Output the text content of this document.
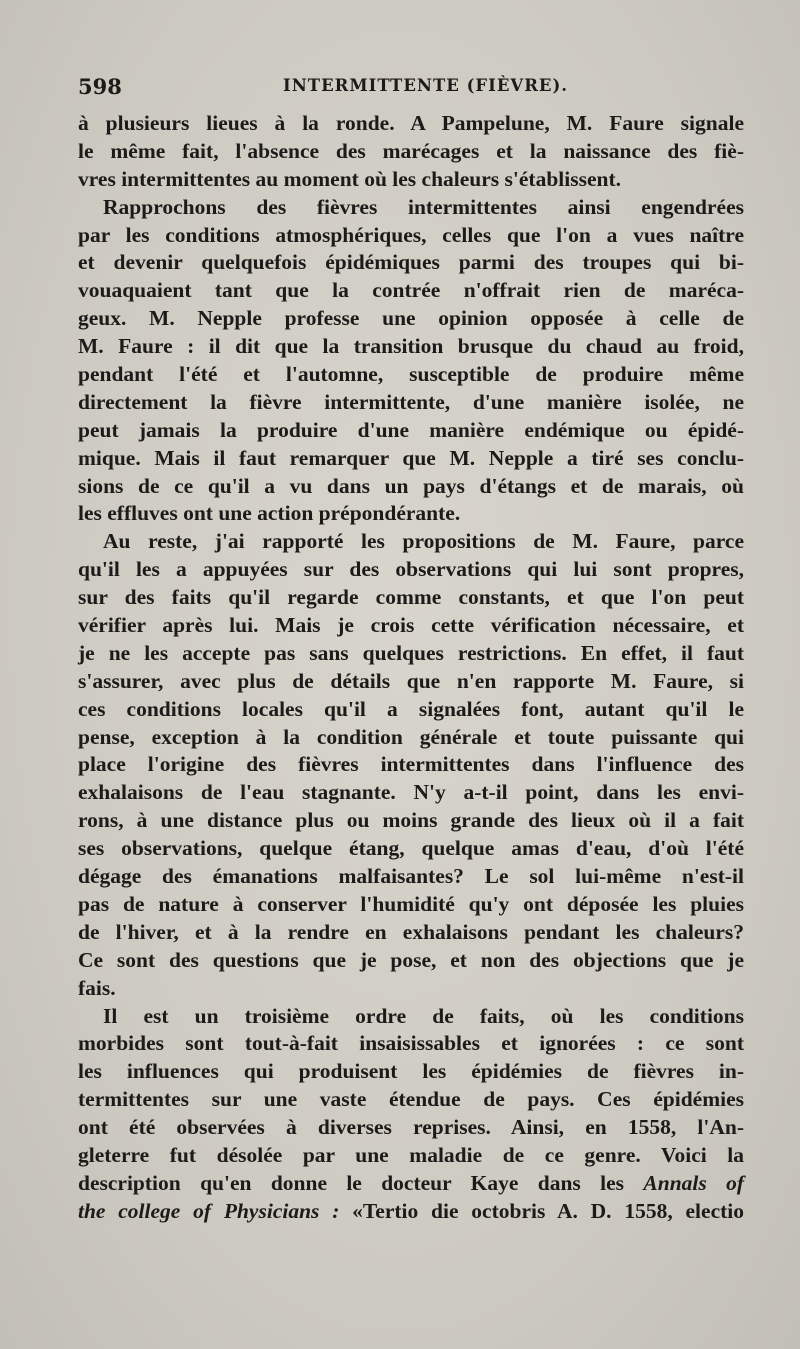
598	INTERMITTENTE (FIÈVRE).
à plusieurs lieues à la ronde. A Pampelune, M. Faure signale
le même fait, l'absence des marécages et la naissance des fiè-
vres intermittentes au moment où les chaleurs s'établissent.
Rapprochons des fièvres intermittentes ainsi engendrées
par les conditions atmosphériques, celles que l'on a vues naître
et devenir quelquefois épidémiques parmi des troupes qui bi-
vouaquaient tant que la contrée n'offrait rien de maréca-
geux. M. Nepple professe une opinion opposée à celle de
M. Faure : il dit que la transition brusque du chaud au froid,
pendant l'été et l'automne, susceptible de produire même
directement la fièvre intermittente, d'une manière isolée, ne
peut jamais la produire d'une manière endémique ou épidé-
mique. Mais il faut remarquer que M. Nepple a tiré ses conclu-
sions de ce qu'il a vu dans un pays d'étangs et de marais, où
les effluves ont une action prépondérante.
Au reste, j'ai rapporté les propositions de M. Faure, parce
qu'il les a appuyées sur des observations qui lui sont propres,
sur des faits qu'il regarde comme constants, et que l'on peut
vérifier après lui. Mais je crois cette vérification nécessaire, et
je ne les accepte pas sans quelques restrictions. En effet, il faut
s'assurer, avec plus de détails que n'en rapporte M. Faure, si
ces conditions locales qu'il a signalées font, autant qu'il le
pense, exception à la condition générale et toute puissante qui
place l'origine des fièvres intermittentes dans l'influence des
exhalaisons de l'eau stagnante. N'y a-t-il point, dans les envi-
rons, à une distance plus ou moins grande des lieux où il a fait
ses observations, quelque étang, quelque amas d'eau, d'où l'été
dégage des émanations malfaisantes? Le sol lui-même n'est-il
pas de nature à conserver l'humidité qu'y ont déposée les pluies
de l'hiver, et à la rendre en exhalaisons pendant les chaleurs?
Ce sont des questions que je pose, et non des objections que je
fais.
Il est un troisième ordre de faits, où les conditions
morbides sont tout-à-fait insaisissables et ignorées : ce sont
les influences qui produisent les épidémies de fièvres in-
termittentes sur une vaste étendue de pays. Ces épidémies
ont été observées à diverses reprises. Ainsi, en 1558, l'An-
gleterre fut désolée par une maladie de ce genre. Voici la
description qu'en donne le docteur Kaye dans les Annals of
the college of Physicians : «Tertio die octobris A. D. 1558, electio
